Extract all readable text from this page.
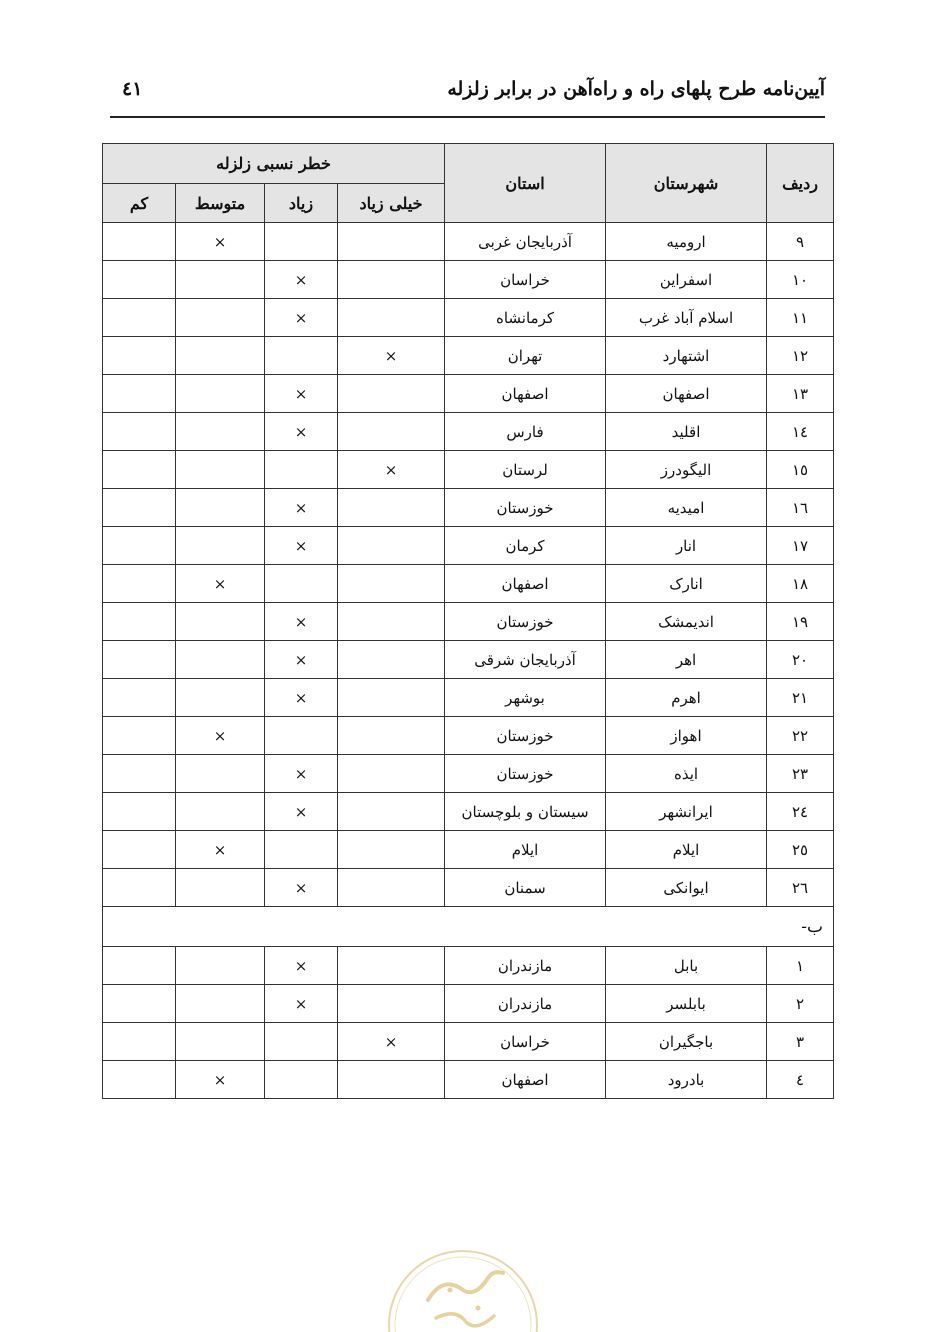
آیین‌نامه طرح پلهای راه و راه‌آهن در برابر زلزله
٤١
ردیف	شهرستان	استان	خطر نسبی زلزله			
			خیلی زیاد	زیاد	متوسط	کم
٩	ارومیه	آذربایجان غربی			×	
١٠	اسفراین	خراسان		×		
١١	اسلام آباد غرب	کرمانشاه		×		
١٢	اشتهارد	تهران	×			
١٣	اصفهان	اصفهان		×		
١٤	اقلید	فارس		×		
١٥	الیگودرز	لرستان	×			
١٦	امیدیه	خوزستان		×		
١٧	انار	کرمان		×		
١٨	انارک	اصفهان			×	
١٩	اندیمشک	خوزستان		×		
٢٠	اهر	آذربایجان شرقی		×		
٢١	اهرم	بوشهر		×		
٢٢	اهواز	خوزستان			×	
٢٣	ایذه	خوزستان		×		
٢٤	ایرانشهر	سیستان و بلوچستان		×		
٢٥	ایلام	ایلام			×	
٢٦	ایوانکی	سمنان		×		
ب-						
١	بابل	مازندران		×		
٢	بابلسر	مازندران		×		
٣	باجگیران	خراسان	×			
٤	بادرود	اصفهان			×	
